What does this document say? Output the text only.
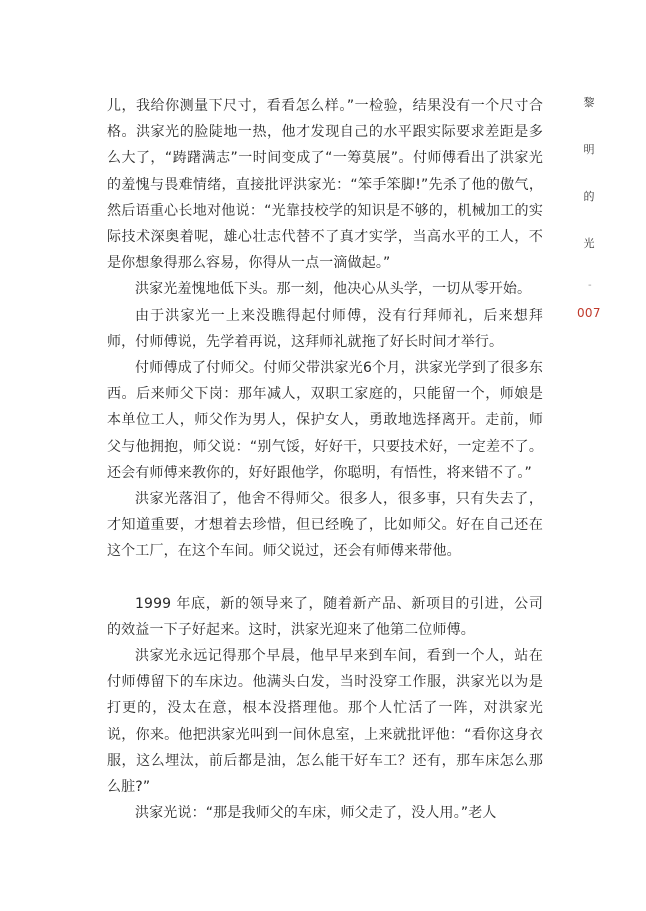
儿，我给你测量下尺寸，看看怎么样。”一检验，结果没有一个尺寸合格。洪家光的脸陡地一热，他才发现自己的水平跟实际要求差距是多么大了，“踌躇满志”一时间变成了“一筹莫展”。付师傅看出了洪家光的羞愧与畏难情绪，直接批评洪家光：“笨手笨脚!”先杀了他的傲气，然后语重心长地对他说：“光靠技校学的知识是不够的，机械加工的实际技术深奥着呢，雄心壮志代替不了真才实学，当高水平的工人，不是你想象得那么容易，你得从一点一滴做起。”

洪家光羞愧地低下头。那一刻，他决心从头学，一切从零开始。

由于洪家光一上来没瞧得起付师傅，没有行拜师礼，后来想拜师，付师傅说，先学着再说，这拜师礼就拖了好长时间才举行。

付师傅成了付师父。付师父带洪家光6个月，洪家光学到了很多东西。后来师父下岗：那年减人，双职工家庭的，只能留一个，师娘是本单位工人，师父作为男人，保护女人，勇敢地选择离开。走前，师父与他拥抱，师父说：“别气馁，好好干，只要技术好，一定差不了。还会有师傅来教你的，好好跟他学，你聪明，有悟性，将来错不了。”

洪家光落泪了，他舍不得师父。很多人，很多事，只有失去了，才知道重要，才想着去珍惜，但已经晚了，比如师父。好在自己还在这个工厂，在这个车间。师父说过，还会有师傅来带他。

1999 年底，新的领导来了，随着新产品、新项目的引进，公司的效益一下子好起来。这时，洪家光迎来了他第二位师傅。

洪家光永远记得那个早晨，他早早来到车间，看到一个人，站在付师傅留下的车床边。他满头白发，当时没穿工作服，洪家光以为是打更的，没太在意，根本没搭理他。那个人忙活了一阵，对洪家光说，你来。他把洪家光叫到一间休息室，上来就批评他：“看你这身衣服，这么埋汰，前后都是油，怎么能干好车工？还有，那车床怎么那么脏?”

洪家光说：“那是我师父的车床，师父走了，没人用。”老人

黎
明
的
光
-
007
